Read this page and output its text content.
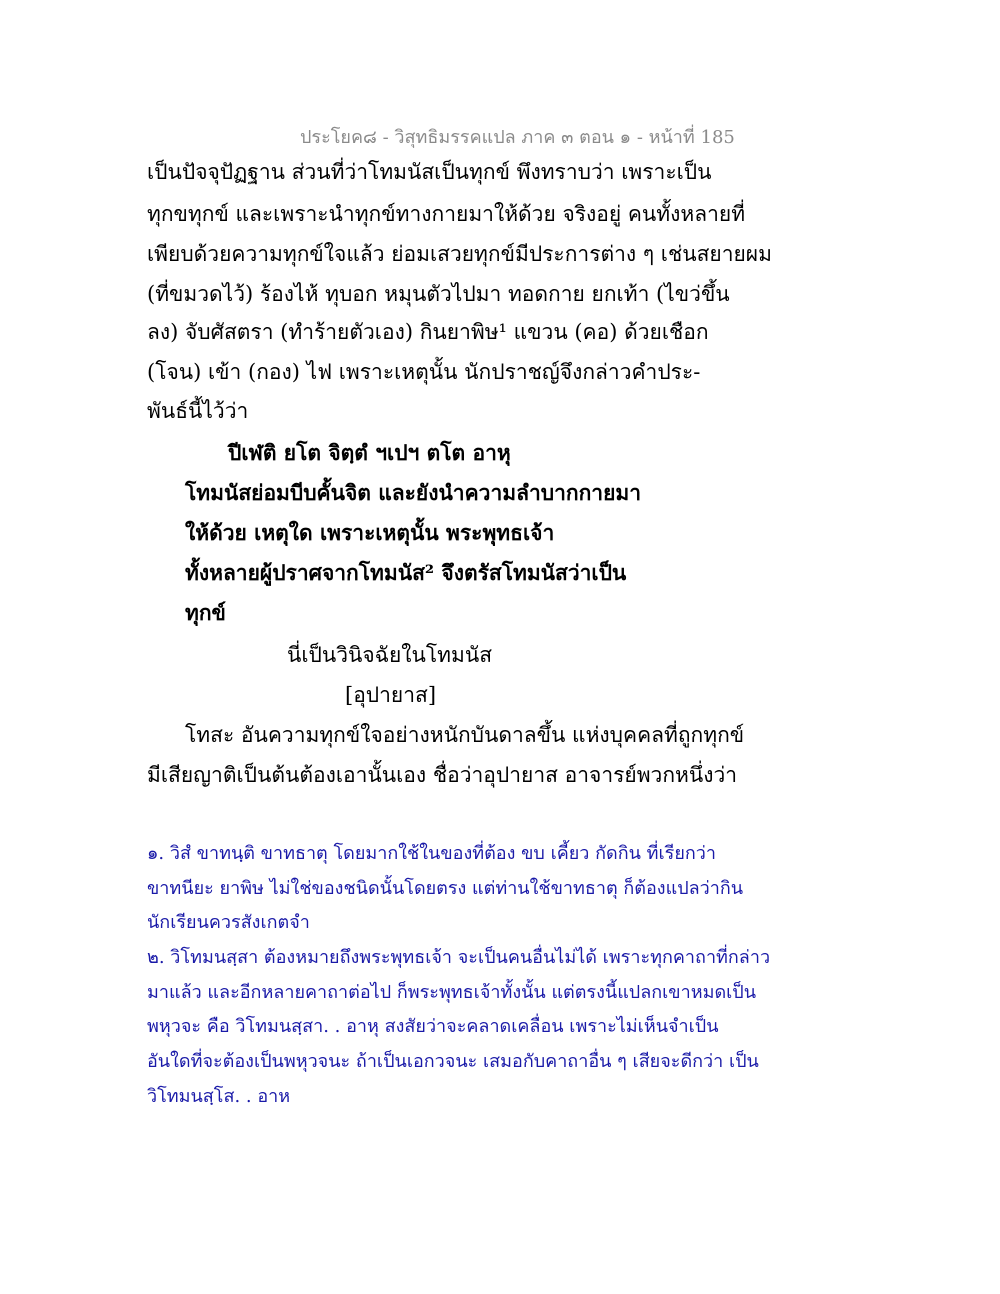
ประโยค๘ - วิสุทธิมรรคแปล ภาค ๓ ตอน ๑ - หน้าที่ 185
เป็นปัจจุปัฏฐาน ส่วนที่ว่าโทมนัสเป็นทุกข์ พึงทราบว่า เพราะเป็น
ทุกขทุกข์ และเพราะนำทุกข์ทางกายมาให้ด้วย จริงอยู่ คนทั้งหลายที่
เพียบด้วยความทุกข์ใจแล้ว ย่อมเสวยทุกข์มีประการต่าง ๆ เช่นสยายผม
(ที่ขมวดไว้) ร้องไห้ ทุบอก หมุนตัวไปมา ทอดกาย ยกเท้า (ไขว่ขึ้น
ลง) จับศัสตรา (ทำร้ายตัวเอง) กินยาพิษ¹ แขวน (คอ) ด้วยเชือก
(โจน) เข้า (กอง) ไฟ เพราะเหตุนั้น นักปราชญ์จึงกล่าวคำประ-
พันธ์นี้ไว้ว่า
ปีเฬติ ยโต จิตฺตํ ฯเปฯ ตโต อาหุ
โทมนัสย่อมบีบคั้นจิต และยังนำความลำบากกายมา
ให้ด้วย เหตุใด เพราะเหตุนั้น พระพุทธเจ้า
ทั้งหลายผู้ปราศจากโทมนัส² จึงตรัสโทมนัสว่าเป็น
ทุกข์
นี่เป็นวินิจฉัยในโทมนัส
[อุปายาส]
โทสะ อันความทุกข์ใจอย่างหนักบันดาลขึ้น แห่งบุคคลที่ถูกทุกข์
มีเสียญาติเป็นต้นต้องเอานั้นเอง ชื่อว่าอุปายาส อาจารย์พวกหนึ่งว่า
๑. วิสํ ขาทนฺติ ขาทธาตุ โดยมากใช้ในของที่ต้อง ขบ เคี้ยว กัดกิน ที่เรียกว่า
ขาทนียะ ยาพิษ ไม่ใช่ของชนิดนั้นโดยตรง แต่ท่านใช้ขาทธาตุ ก็ต้องแปลว่ากิน
นักเรียนควรสังเกตจำ
๒. วิโทมนสฺสา ต้องหมายถึงพระพุทธเจ้า จะเป็นคนอื่นไม่ได้ เพราะทุกคาถาที่กล่าว
มาแล้ว และอีกหลายคาถาต่อไป ก็พระพุทธเจ้าทั้งนั้น แต่ตรงนี้แปลกเขาหมดเป็น
พหุวจะ คือ วิโทมนสฺสา. . อาหุ สงสัยว่าจะคลาดเคลื่อน เพราะไม่เห็นจำเป็น
อันใดที่จะต้องเป็นพหุวจนะ ถ้าเป็นเอกวจนะ เสมอกับคาถาอื่น ๆ เสียจะดีกว่า เป็น
วิโทมนสฺโส. . อาห
